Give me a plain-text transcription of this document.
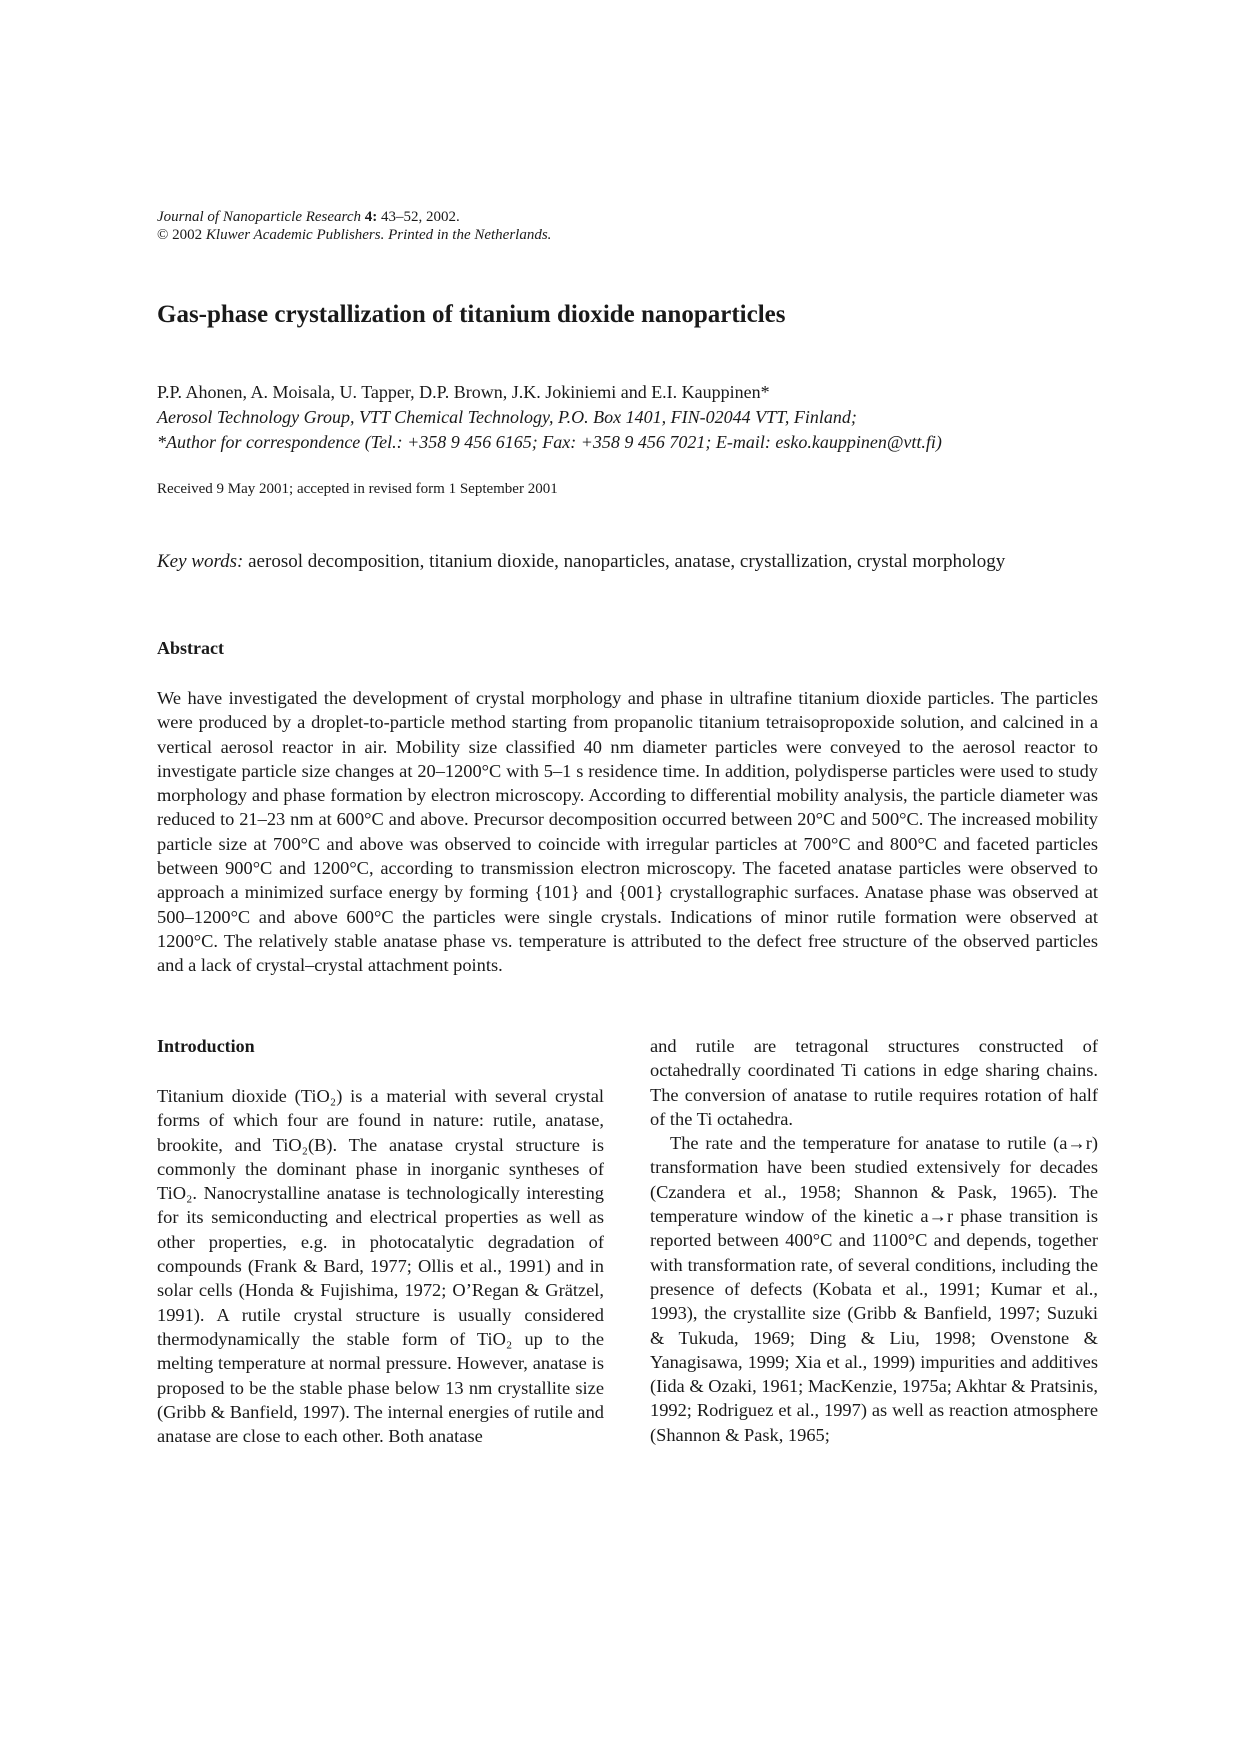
Journal of Nanoparticle Research 4: 43–52, 2002.
© 2002 Kluwer Academic Publishers. Printed in the Netherlands.
Gas-phase crystallization of titanium dioxide nanoparticles
P.P. Ahonen, A. Moisala, U. Tapper, D.P. Brown, J.K. Jokiniemi and E.I. Kauppinen*
Aerosol Technology Group, VTT Chemical Technology, P.O. Box 1401, FIN-02044 VTT, Finland;
*Author for correspondence (Tel.: +358 9 456 6165; Fax: +358 9 456 7021; E-mail: esko.kauppinen@vtt.fi)
Received 9 May 2001; accepted in revised form 1 September 2001
Key words: aerosol decomposition, titanium dioxide, nanoparticles, anatase, crystallization, crystal morphology
Abstract

We have investigated the development of crystal morphology and phase in ultrafine titanium dioxide particles. The particles were produced by a droplet-to-particle method starting from propanolic titanium tetraisopropoxide solution, and calcined in a vertical aerosol reactor in air. Mobility size classified 40 nm diameter particles were conveyed to the aerosol reactor to investigate particle size changes at 20–1200°C with 5–1 s residence time. In addition, polydisperse particles were used to study morphology and phase formation by electron microscopy. According to differential mobility analysis, the particle diameter was reduced to 21–23 nm at 600°C and above. Precursor decomposition occurred between 20°C and 500°C. The increased mobility particle size at 700°C and above was observed to coincide with irregular particles at 700°C and 800°C and faceted particles between 900°C and 1200°C, according to transmission electron microscopy. The faceted anatase particles were observed to approach a minimized surface energy by forming {101} and {001} crystallographic surfaces. Anatase phase was observed at 500–1200°C and above 600°C the particles were single crystals. Indications of minor rutile formation were observed at 1200°C. The relatively stable anatase phase vs. temperature is attributed to the defect free structure of the observed particles and a lack of crystal–crystal attachment points.

Introduction

Titanium dioxide (TiO₂) is a material with several crystal forms of which four are found in nature: rutile, anatase, brookite, and TiO₂(B). The anatase crystal structure is commonly the dominant phase in inorganic syntheses of TiO₂. Nanocrystalline anatase is technologically interesting for its semiconducting and electrical properties as well as other properties, e.g. in photocatalytic degradation of compounds (Frank & Bard, 1977; Ollis et al., 1991) and in solar cells (Honda & Fujishima, 1972; O’Regan & Grätzel, 1991). A rutile crystal structure is usually considered thermodynamically the stable form of TiO₂ up to the melting temperature at normal pressure. However, anatase is proposed to be the stable phase below 13 nm crystallite size (Gribb & Banfield, 1997). The internal energies of rutile and anatase are close to each other. Both anatase

and rutile are tetragonal structures constructed of octahedrally coordinated Ti cations in edge sharing chains. The conversion of anatase to rutile requires rotation of half of the Ti octahedra.

The rate and the temperature for anatase to rutile (a→r) transformation have been studied extensively for decades (Czandera et al., 1958; Shannon & Pask, 1965). The temperature window of the kinetic a→r phase transition is reported between 400°C and 1100°C and depends, together with transformation rate, of several conditions, including the presence of defects (Kobata et al., 1991; Kumar et al., 1993), the crystallite size (Gribb & Banfield, 1997; Suzuki & Tukuda, 1969; Ding & Liu, 1998; Ovenstone & Yanagisawa, 1999; Xia et al., 1999) impurities and additives (Iida & Ozaki, 1961; MacKenzie, 1975a; Akhtar & Pratsinis, 1992; Rodriguez et al., 1997) as well as reaction atmosphere (Shannon & Pask, 1965;
